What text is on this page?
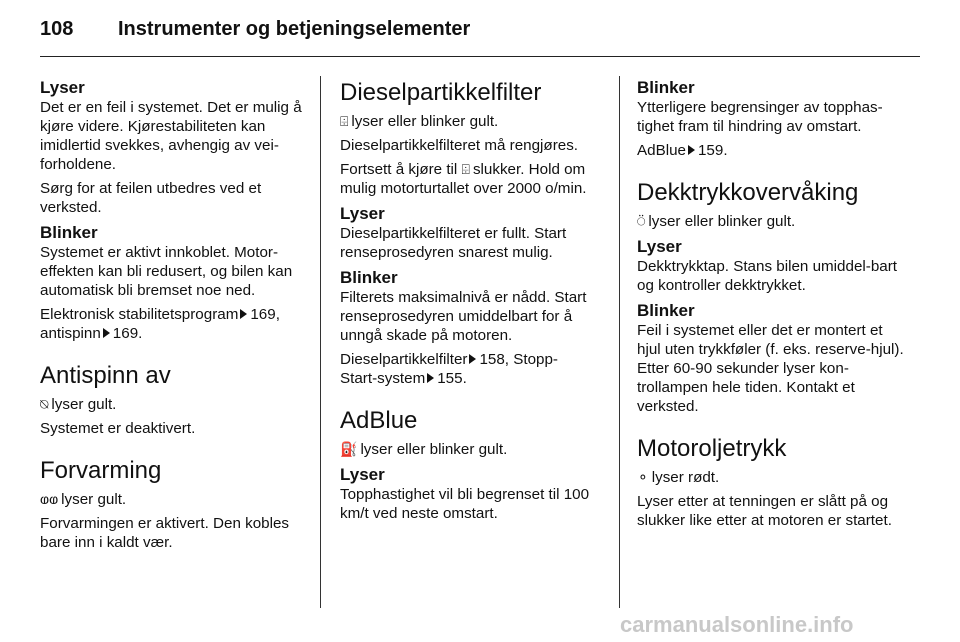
108 Instrumenter og betjeningselementer
Lyser

Det er en feil i systemet. Det er mulig å kjøre videre. Kjørestabiliteten kan imidlertid svekkes, avhengig av vei-forholdene.

Sørg for at feilen utbedres ved et verksted.

Blinker

Systemet er aktivt innkoblet. Motor-effekten kan bli redusert, og bilen kan automatisk bli bremset noe ned.

Elektronisk stabilitetsprogram 169,
antispinn 169.

Antispinn av

⍉ lyser gult.

Systemet er deaktivert.

Forvarming

ⱷⱷ lyser gult.

Forvarmingen er aktivert. Den kobles bare inn i kaldt vær.

Dieselpartikkelfilter

⌹ lyser eller blinker gult.

Dieselpartikkelfilteret må rengjøres.

Fortsett å kjøre til ⌹ slukker. Hold om mulig motorturtallet over 2000 o/min.

Lyser

Dieselpartikkelfilteret er fullt. Start renseprosedyren snarest mulig.

Blinker

Filterets maksimalnivå er nådd. Start renseprosedyren umiddelbart for å unngå skade på motoren.

Dieselpartikkelfilter 158, Stopp-
Start-system 155.

AdBlue

⛽ lyser eller blinker gult.

Lyser

Topphastighet vil bli begrenset til 100 km/t ved neste omstart.

Blinker

Ytterligere begrensinger av topphas-tighet fram til hindring av omstart.

AdBlue 159.

Dekktrykkovervåking

⍥ lyser eller blinker gult.

Lyser

Dekktrykktap. Stans bilen umiddel-bart og kontroller dekktrykket.

Blinker

Feil i systemet eller det er montert et hjul uten trykkføler (f. eks. reserve-hjul). Etter 60-90 sekunder lyser kon-trollampen hele tiden. Kontakt et verksted.

Motoroljetrykk

⚬ lyser rødt.

Lyser etter at tenningen er slått på og slukker like etter at motoren er startet.

carmanualsonline.info
